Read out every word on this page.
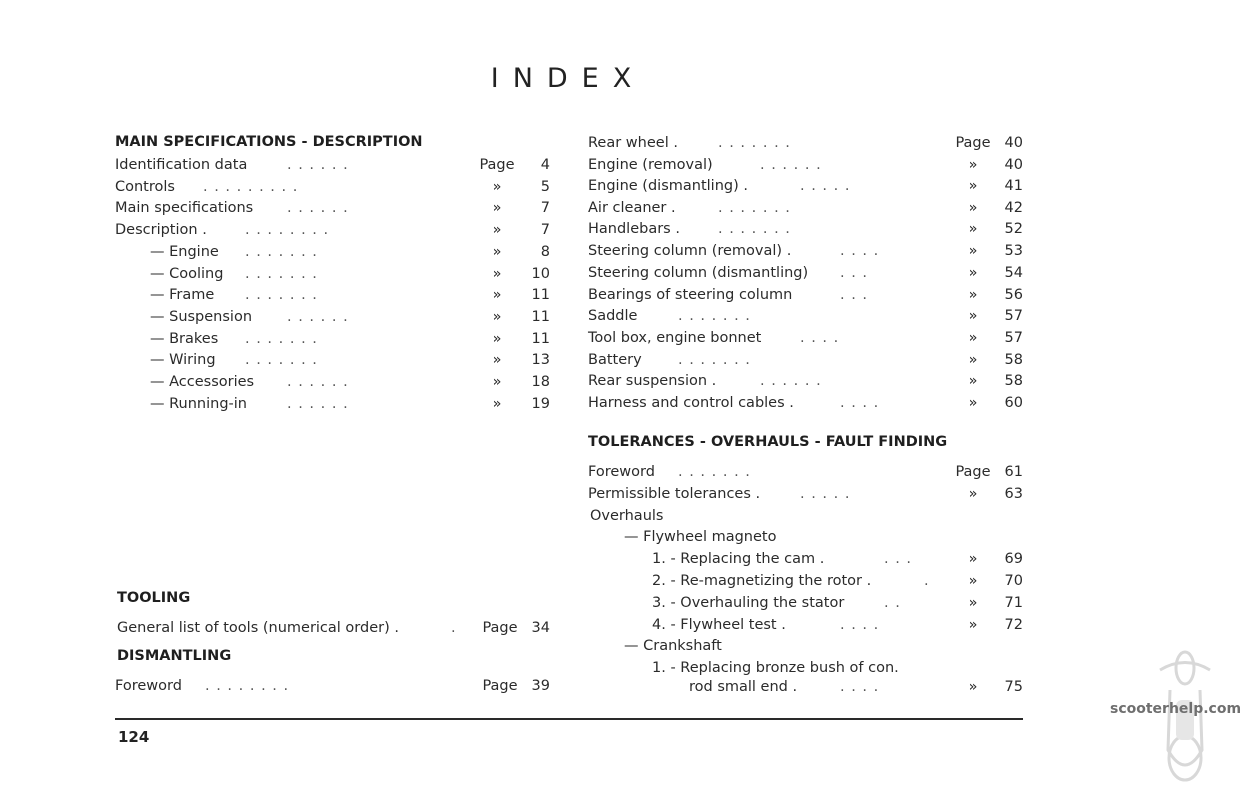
INDEX
MAIN SPECIFICATIONS - DESCRIPTION
Identification data	. . . . . .	Page	4
Controls . . . . . . . . .	»	5
Main specifications . . . . . .	»	7
Description .	. . . . . . . .	»	7
— Engine . . . . . . .	»	8
— Cooling . . . . . . .	»	10
— Frame . . . . . . .	»	11
— Suspension . . . . . .	»	11
— Brakes . . . . . . .	»	11
— Wiring . . . . . . .	»	13
— Accessories . . . . . .	»	18
— Running-in	. . . . . .	»	19
TOOLING
General list of tools (numerical order) .	. Page 34
DISMANTLING
Foreword . . . . . . . .	Page 39
Rear wheel .	. . . . . . .	Page 40
Engine (removal)	. . . . . .	»	40
Engine (dismantling) .	. . . . .	»	41
Air cleaner .	. . . . . . .	»	42
Handlebars .	. . . . . . .	»	52
Steering column (removal) .	. . . .	»	53
Steering column (dismantling) . . .	»	54
Bearings of steering column	. . .	»	56
Saddle	. . . . . . .	»	57
Tool box, engine bonnet	. . . .	»	57
Battery	. . . . . . .	»	58
Rear suspension .	. . . . . .	»	58
Harness and control cables .	. . . .	»	60
TOLERANCES - OVERHAULS - FAULT FINDING
Foreword . . . . . . .	Page 61
Permissible tolerances .	. . . . .	»	63
Overhauls
— Flywheel magneto
1. - Replacing the cam .	. . .	»	69
2. - Re-magnetizing the rotor .	.	»	70
3. - Overhauling the stator	. .	»	71
4. - Flywheel test .	. . . .	»	72
— Crankshaft
1. - Replacing bronze bush of con.
rod small end .	. . . .	»	75
124
scooterhelp.com
